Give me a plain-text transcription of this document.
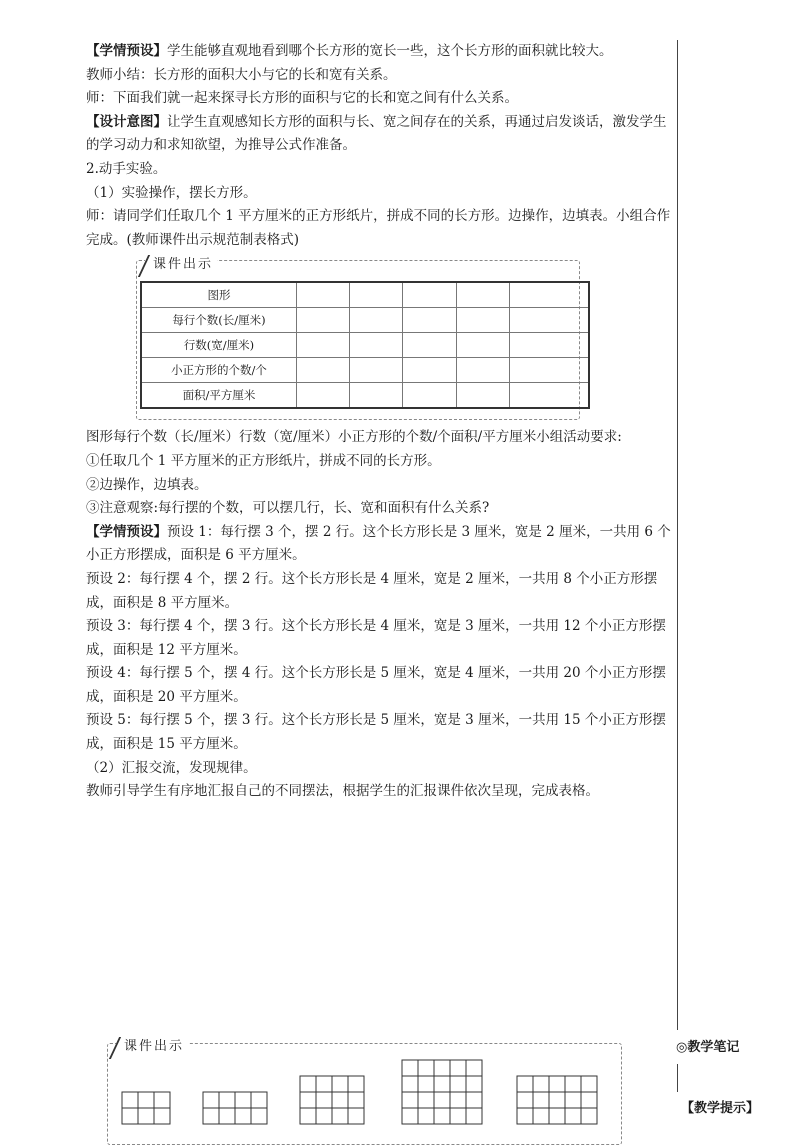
【学情预设】学生能够直观地看到哪个长方形的宽长一些，这个长方形的面积就比较大。

教师小结：长方形的面积大小与它的长和宽有关系。

师：下面我们就一起来探寻长方形的面积与它的长和宽之间有什么关系。

【设计意图】让学生直观感知长方形的面积与长、宽之间存在的关系，再通过启发谈话，激发学生的学习动力和求知欲望，为推导公式作准备。

2.动手实验。

（1）实验操作，摆长方形。

师：请同学们任取几个 1 平方厘米的正方形纸片，拼成不同的长方形。边操作，边填表。小组合作完成。(教师课件出示规范制表格式)

课件出示
图形					
每行个数(长/厘米)					
行数(宽/厘米)					
小正方形的个数/个					
面积/平方厘米					

图形每行个数（长/厘米）行数（宽/厘米）小正方形的个数/个面积/平方厘米小组活动要求:

①任取几个 1 平方厘米的正方形纸片，拼成不同的长方形。

②边操作，边填表。

③注意观察:每行摆的个数，可以摆几行，长、宽和面积有什么关系?

【学情预设】预设 1：每行摆 3 个，摆 2 行。这个长方形长是 3 厘米，宽是 2 厘米，一共用 6 个小正方形摆成，面积是 6 平方厘米。

预设 2：每行摆 4 个，摆 2 行。这个长方形长是 4 厘米，宽是 2 厘米，一共用 8 个小正方形摆成，面积是 8 平方厘米。

预设 3：每行摆 4 个，摆 3 行。这个长方形长是 4 厘米，宽是 3 厘米，一共用 12 个小正方形摆成，面积是 12 平方厘米。

预设 4：每行摆 5 个，摆 4 行。这个长方形长是 5 厘米，宽是 4 厘米，一共用 20 个小正方形摆成，面积是 20 平方厘米。

预设 5：每行摆 5 个，摆 3 行。这个长方形长是 5 厘米，宽是 3 厘米，一共用 15 个小正方形摆成，面积是 15 平方厘米。

（2）汇报交流，发现规律。

教师引导学生有序地汇报自己的不同摆法，根据学生的汇报课件依次呈现，完成表格。

◎教学笔记
【教学提示】
课件出示
